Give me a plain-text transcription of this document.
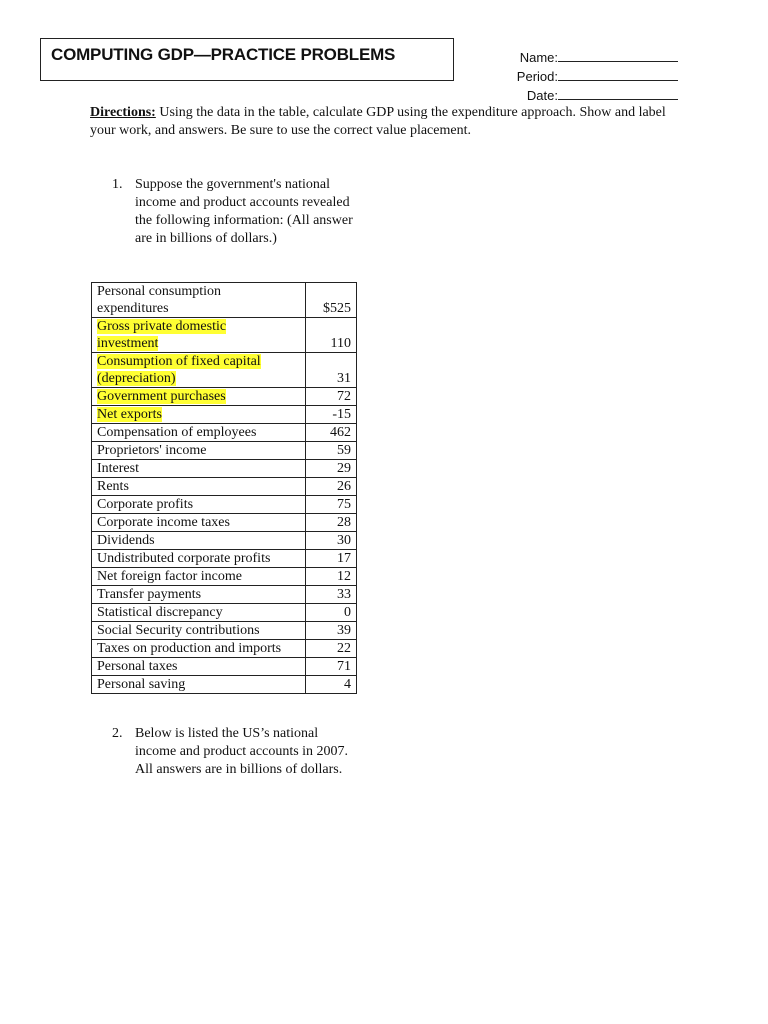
COMPUTING GDP—PRACTICE PROBLEMS	Name:
Period:
Date:
Directions: Using the data in the table, calculate GDP using the expenditure approach. Show and label your work, and answers. Be sure to use the correct value placement.
1. Suppose the government's national income and product accounts revealed the following information: (All answer are in billions of dollars.)
Personal consumption
expenditures	$525
Gross private domestic
investment	110
Consumption of fixed capital
(depreciation)	31
Government purchases	72
Net exports	-15
Compensation of employees	462
Proprietors' income	59
Interest	29
Rents	26
Corporate profits	75
Corporate income taxes	28
Dividends	30
Undistributed corporate profits	17
Net foreign factor income	12
Transfer payments	33
Statistical discrepancy	0
Social Security contributions	39
Taxes on production and imports	22
Personal taxes	71
Personal saving	4
2. Below is listed the US’s national income and product accounts in 2007. All answers are in billions of dollars.
